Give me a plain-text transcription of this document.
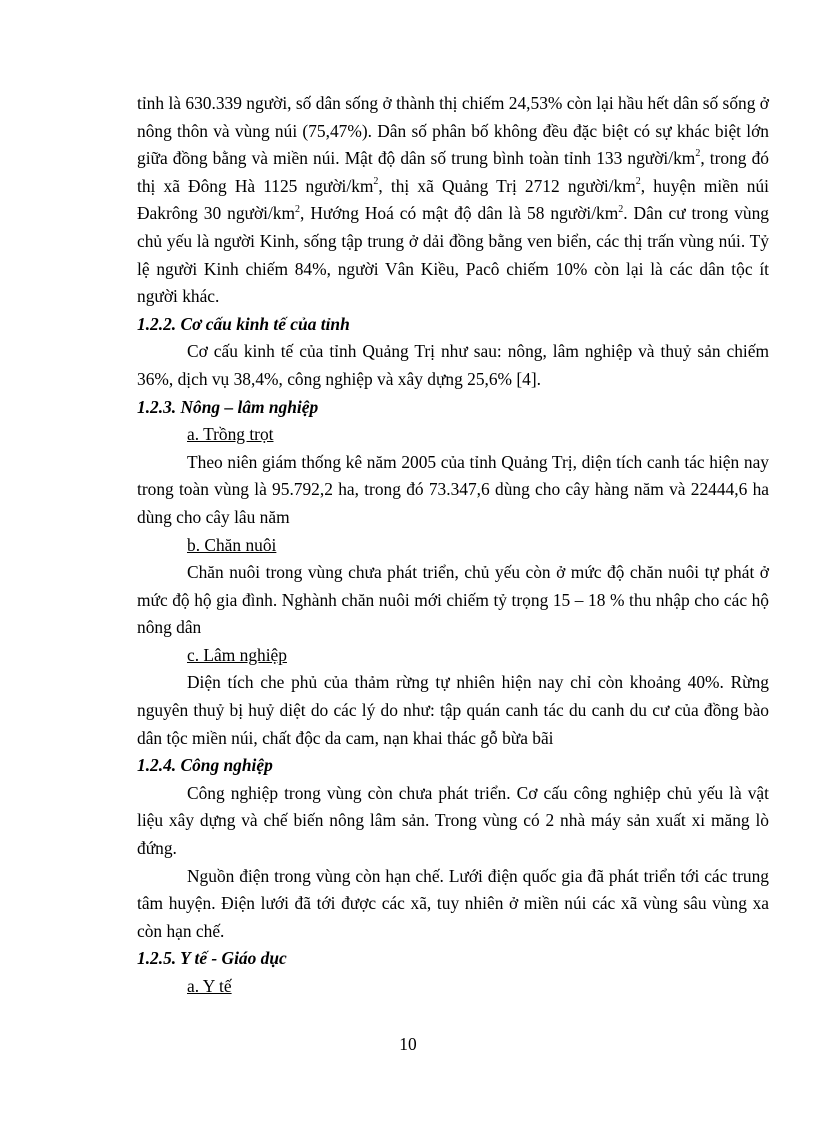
tỉnh là 630.339 người, số dân sống ở thành thị chiếm 24,53% còn lại hầu hết dân số sống ở nông thôn và vùng núi (75,47%). Dân số phân bố không đều đặc biệt có sự khác biệt lớn giữa đồng bằng và miền núi. Mật độ dân số trung bình toàn tỉnh 133 người/$km^2$, trong đó thị xã Đông Hà 1125 người/$km^2$, thị xã Quảng Trị 2712 người/$km^2$, huyện miền núi Đakrông 30 người/$km^2$, Hướng Hoá có mật độ dân là 58 người/$km^2$. Dân cư trong vùng chủ yếu là người Kinh, sống tập trung ở dải đồng bằng ven biển, các thị trấn vùng núi. Tỷ lệ người Kinh chiếm 84%, người Vân Kiều, Pacô chiếm 10% còn lại là các dân tộc ít người khác.

1.2.2. Cơ cấu kinh tế của tỉnh

Cơ cấu kinh tế của tỉnh Quảng Trị như sau: nông, lâm nghiệp và thuỷ sản chiếm 36%, dịch vụ 38,4%, công nghiệp và xây dựng 25,6% [4].

1.2.3. Nông – lâm nghiệp

a. Trồng trọt

Theo niên giám thống kê năm 2005 của tỉnh Quảng Trị, diện tích canh tác hiện nay trong toàn vùng là 95.792,2 ha, trong đó 73.347,6 dùng cho cây hàng năm và 22444,6 ha dùng cho cây lâu năm

b. Chăn nuôi

Chăn nuôi trong vùng chưa phát triển, chủ yếu còn ở mức độ chăn nuôi tự phát ở mức độ hộ gia đình. Nghành chăn nuôi mới chiếm tỷ trọng 15 – 18 % thu nhập cho các hộ nông dân

c. Lâm nghiệp

Diện tích che phủ của thảm rừng tự nhiên hiện nay chỉ còn khoảng 40%. Rừng nguyên thuỷ bị huỷ diệt do các lý do như: tập quán canh tác du canh du cư của đồng bào dân tộc miền núi, chất độc da cam, nạn khai thác gỗ bừa bãi

1.2.4. Công nghiệp

Công nghiệp trong vùng còn chưa phát triển. Cơ cấu công nghiệp chủ yếu là vật liệu xây dựng và chế biến nông lâm sản. Trong vùng có 2 nhà máy sản xuất xi măng lò đứng.

Nguồn điện trong vùng còn hạn chế. Lưới điện quốc gia đã phát triển tới các trung tâm huyện. Điện lưới đã tới được các xã, tuy nhiên ở miền núi các xã vùng sâu vùng xa còn hạn chế.

1.2.5. Y tế - Giáo dục

a. Y tế

10
